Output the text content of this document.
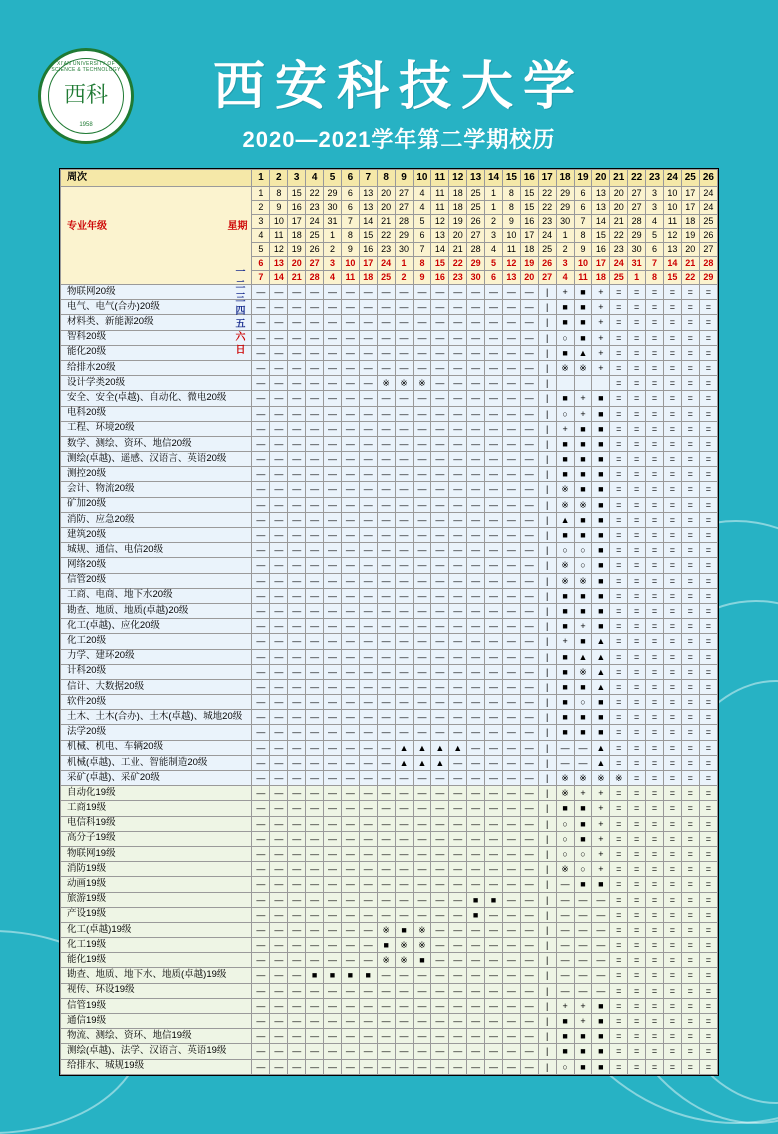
XI'AN UNIVERSITY OF SCIENCE & TECHNOLOGY
西科
1958
西安科技大学
2020—2021学年第二学期校历
周次	1	2	3	4	5	6	7	8	9	10	11	12	13	14	15	16	17	18	19	20	21	22	23	24	25	26

星期
专业年级
一
二
三
四
五
六
日
	1	8	15	22	29	6	13	20	27	4	11	18	25	1	8	15	22	29	6	13	20	27	3	10	17	24
	2	9	16	23	30	6	13	20	27	4	11	18	25	1	8	15	22	29	6	13	20	27	3	10	17	24
	3	10	17	24	31	7	14	21	28	5	12	19	26	2	9	16	23	30	7	14	21	28	4	11	18	25
	4	11	18	25	1	8	15	22	29	6	13	20	27	3	10	17	24	1	8	15	22	29	5	12	19	26
	5	12	19	26	2	9	16	23	30	7	14	21	28	4	11	18	25	2	9	16	23	30	6	13	20	27
	6	13	20	27	3	10	17	24	1	8	15	22	29	5	12	19	26	3	10	17	24	31	7	14	21	28
	7	14	21	28	4	11	18	25	2	9	16	23	30	6	13	20	27	4	11	18	25	1	8	15	22	29
物联网20级	—	—	—	—	—	—	—	—	—	—	—	—	—	—	—	—	|	+	■	+	=	=	=	=	=	=
电气、电气(合办)20级	—	—	—	—	—	—	—	—	—	—	—	—	—	—	—	—	|	■	■	+	=	=	=	=	=	=
材料类、新能源20级	—	—	—	—	—	—	—	—	—	—	—	—	—	—	—	—	|	■	■	+	=	=	=	=	=	=
智科20级	—	—	—	—	—	—	—	—	—	—	—	—	—	—	—	—	|	○	■	+	=	=	=	=	=	=
能化20级	—	—	—	—	—	—	—	—	—	—	—	—	—	—	—	—	|	■	▲	+	=	=	=	=	=	=
给排水20级	—	—	—	—	—	—	—	—	—	—	—	—	—	—	—	—	|	※	※	+	=	=	=	=	=	=
设计学类20级	—	—	—	—	—	—	—	※	※	※	—	—	—	—	—	—	|				=	=	=	=	=	=
安全、安全(卓越)、自动化、微电20级	—	—	—	—	—	—	—	—	—	—	—	—	—	—	—	—	|	■	+	■	=	=	=	=	=	=
电科20级	—	—	—	—	—	—	—	—	—	—	—	—	—	—	—	—	|	○	+	■	=	=	=	=	=	=
工程、环境20级	—	—	—	—	—	—	—	—	—	—	—	—	—	—	—	—	|	+	■	■	=	=	=	=	=	=
数学、测绘、资环、地信20级	—	—	—	—	—	—	—	—	—	—	—	—	—	—	—	—	|	■	■	■	=	=	=	=	=	=
测绘(卓越)、遥感、汉语言、英语20级	—	—	—	—	—	—	—	—	—	—	—	—	—	—	—	—	|	■	■	■	=	=	=	=	=	=
测控20级	—	—	—	—	—	—	—	—	—	—	—	—	—	—	—	—	|	■	■	■	=	=	=	=	=	=
会计、物流20级	—	—	—	—	—	—	—	—	—	—	—	—	—	—	—	—	|	※	■	■	=	=	=	=	=	=
矿加20级	—	—	—	—	—	—	—	—	—	—	—	—	—	—	—	—	|	※	※	■	=	=	=	=	=	=
消防、应急20级	—	—	—	—	—	—	—	—	—	—	—	—	—	—	—	—	|	▲	■	■	=	=	=	=	=	=
建筑20级	—	—	—	—	—	—	—	—	—	—	—	—	—	—	—	—	|	■	■	■	=	=	=	=	=	=
城规、通信、电信20级	—	—	—	—	—	—	—	—	—	—	—	—	—	—	—	—	|	○	○	■	=	=	=	=	=	=
网络20级	—	—	—	—	—	—	—	—	—	—	—	—	—	—	—	—	|	※	○	■	=	=	=	=	=	=
信管20级	—	—	—	—	—	—	—	—	—	—	—	—	—	—	—	—	|	※	※	■	=	=	=	=	=	=
工商、电商、地下水20级	—	—	—	—	—	—	—	—	—	—	—	—	—	—	—	—	|	■	■	■	=	=	=	=	=	=
勘查、地质、地质(卓越)20级	—	—	—	—	—	—	—	—	—	—	—	—	—	—	—	—	|	■	■	■	=	=	=	=	=	=
化工(卓越)、应化20级	—	—	—	—	—	—	—	—	—	—	—	—	—	—	—	—	|	■	+	■	=	=	=	=	=	=
化工20级	—	—	—	—	—	—	—	—	—	—	—	—	—	—	—	—	|	+	■	▲	=	=	=	=	=	=
力学、建环20级	—	—	—	—	—	—	—	—	—	—	—	—	—	—	—	—	|	■	▲	▲	=	=	=	=	=	=
计科20级	—	—	—	—	—	—	—	—	—	—	—	—	—	—	—	—	|	■	※	▲	=	=	=	=	=	=
信计、大数据20级	—	—	—	—	—	—	—	—	—	—	—	—	—	—	—	—	|	■	■	▲	=	=	=	=	=	=
软件20级	—	—	—	—	—	—	—	—	—	—	—	—	—	—	—	—	|	■	○	■	=	=	=	=	=	=
土木、土木(合办)、土木(卓越)、城地20级	—	—	—	—	—	—	—	—	—	—	—	—	—	—	—	—	|	■	■	■	=	=	=	=	=	=
法学20级	—	—	—	—	—	—	—	—	—	—	—	—	—	—	—	—	|	■	■	■	=	=	=	=	=	=
机械、机电、车辆20级	—	—	—	—	—	—	—	—	▲	▲	▲	▲	—	—	—	—	|	—	—	▲	=	=	=	=	=	=
机械(卓越)、工业、智能制造20级	—	—	—	—	—	—	—	—	▲	▲	▲	—	—	—	—	—	|	—	—	▲	=	=	=	=	=	=
采矿(卓越)、采矿20级	—	—	—	—	—	—	—	—	—	—	—	—	—	—	—	—	|	※	※	※	※	=	=	=	=	=
自动化19级	—	—	—	—	—	—	—	—	—	—	—	—	—	—	—	—	|	※	+	+	=	=	=	=	=	=
工商19级	—	—	—	—	—	—	—	—	—	—	—	—	—	—	—	—	|	■	■	+	=	=	=	=	=	=
电信科19级	—	—	—	—	—	—	—	—	—	—	—	—	—	—	—	—	|	○	■	+	=	=	=	=	=	=
高分子19级	—	—	—	—	—	—	—	—	—	—	—	—	—	—	—	—	|	○	■	+	=	=	=	=	=	=
物联网19级	—	—	—	—	—	—	—	—	—	—	—	—	—	—	—	—	|	○	○	+	=	=	=	=	=	=
消防19级	—	—	—	—	—	—	—	—	—	—	—	—	—	—	—	—	|	※	○	+	=	=	=	=	=	=
动画19级	—	—	—	—	—	—	—	—	—	—	—	—	—	—	—	—	|	—	■	■	=	=	=	=	=	=
旅游19级	—	—	—	—	—	—	—	—	—	—	—	—	■	■	—	—	|	—	—	—	=	=	=	=	=	=
产设19级	—	—	—	—	—	—	—	—	—	—	—	—	■	—	—	—	|	—	—	—	=	=	=	=	=	=
化工(卓越)19级	—	—	—	—	—	—	—	※	■	※	—	—	—	—	—	—	|	—	—	—	=	=	=	=	=	=
化工19级	—	—	—	—	—	—	—	■	※	※	—	—	—	—	—	—	|	—	—	—	=	=	=	=	=	=
能化19级	—	—	—	—	—	—	—	※	※	■	—	—	—	—	—	—	|	—	—	—	=	=	=	=	=	=
勘查、地质、地下水、地质(卓越)19级	—	—	—	■	■	■	■	—	—	—	—	—	—	—	—	—	|	—	—	—	=	=	=	=	=	=
视传、环设19级	—	—	—	—	—	—	—	—	—	—	—	—	—	—	—	—	|	—	—	—	=	=	=	=	=	=
信管19级	—	—	—	—	—	—	—	—	—	—	—	—	—	—	—	—	|	+	+	■	=	=	=	=	=	=
通信19级	—	—	—	—	—	—	—	—	—	—	—	—	—	—	—	—	|	■	+	■	=	=	=	=	=	=
物流、测绘、资环、地信19级	—	—	—	—	—	—	—	—	—	—	—	—	—	—	—	—	|	■	■	■	=	=	=	=	=	=
测绘(卓越)、法学、汉语言、英语19级	—	—	—	—	—	—	—	—	—	—	—	—	—	—	—	—	|	■	■	■	=	=	=	=	=	=
给排水、城规19级	—	—	—	—	—	—	—	—	—	—	—	—	—	—	—	—	|	○	■	■	=	=	=	=	=	=
